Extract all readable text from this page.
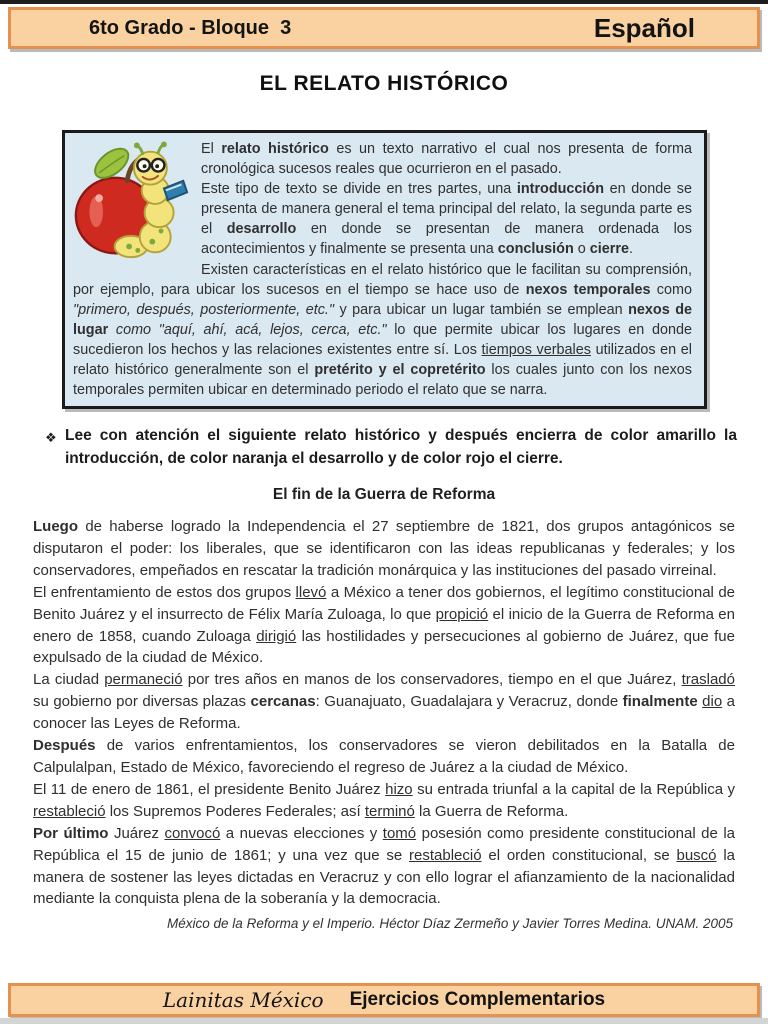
6to Grado - Bloque  3	Español
EL RELATO HISTÓRICO

El relato histórico es un texto narrativo el cual nos presenta de forma cronológica sucesos reales que ocurrieron en el pasado.

Este tipo de texto se divide en tres partes, una introducción en donde se presenta de manera general el tema principal del relato, la segunda parte es el desarrollo en donde se presentan de manera ordenada los acontecimientos y finalmente se presenta una conclusión o cierre.

Existen características en el relato histórico que le facilitan su comprensión, por ejemplo, para ubicar los sucesos en el tiempo se hace uso de nexos temporales como "primero, después, posteriormente, etc." y para ubicar un lugar también se emplean nexos de lugar como "aquí, ahí, acá, lejos, cerca, etc." lo que permite ubicar los lugares en donde sucedieron los hechos y las relaciones existentes entre sí. Los tiempos verbales utilizados en el relato histórico generalmente son el pretérito y el copretérito los cuales junto con los nexos temporales permiten ubicar en determinado periodo el relato que se narra.

❖ Lee con atención el siguiente relato histórico y después encierra de color amarillo la introducción, de color naranja el desarrollo y de color rojo el cierre.
El fin de la Guerra de Reforma

Luego de haberse logrado la Independencia el 27 septiembre de 1821, dos grupos antagónicos se disputaron el poder: los liberales, que se identificaron con las ideas republicanas y federales; y los conservadores, empeñados en rescatar la tradición monárquica y las instituciones del pasado virreinal.

El enfrentamiento de estos dos grupos llevó a México a tener dos gobiernos, el legítimo constitucional de Benito Juárez y el insurrecto de Félix María Zuloaga, lo que propició el inicio de la Guerra de Reforma en enero de 1858, cuando Zuloaga dirigió las hostilidades y persecuciones al gobierno de Juárez, que fue expulsado de la ciudad de México.

La ciudad permaneció por tres años en manos de los conservadores, tiempo en el que Juárez, trasladó su gobierno por diversas plazas cercanas: Guanajuato, Guadalajara y Veracruz, donde finalmente dio a conocer las Leyes de Reforma.

Después de varios enfrentamientos, los conservadores se vieron debilitados en la Batalla de Calpulalpan, Estado de México, favoreciendo el regreso de Juárez a la ciudad de México.

El 11 de enero de 1861, el presidente Benito Juárez hizo su entrada triunfal a la capital de la República y restableció los Supremos Poderes Federales; así terminó la Guerra de Reforma.

Por último Juárez convocó a nuevas elecciones y tomó posesión como presidente constitucional de la República el 15 de junio de 1861; y una vez que se restableció el orden constitucional, se buscó la manera de sostener las leyes dictadas en Veracruz y con ello lograr el afianzamiento de la nacionalidad mediante la conquista plena de la soberanía y la democracia.

México de la Reforma y el Imperio. Héctor Díaz Zermeño y Javier Torres Medina. UNAM. 2005
Lainitas México Ejercicios Complementarios
